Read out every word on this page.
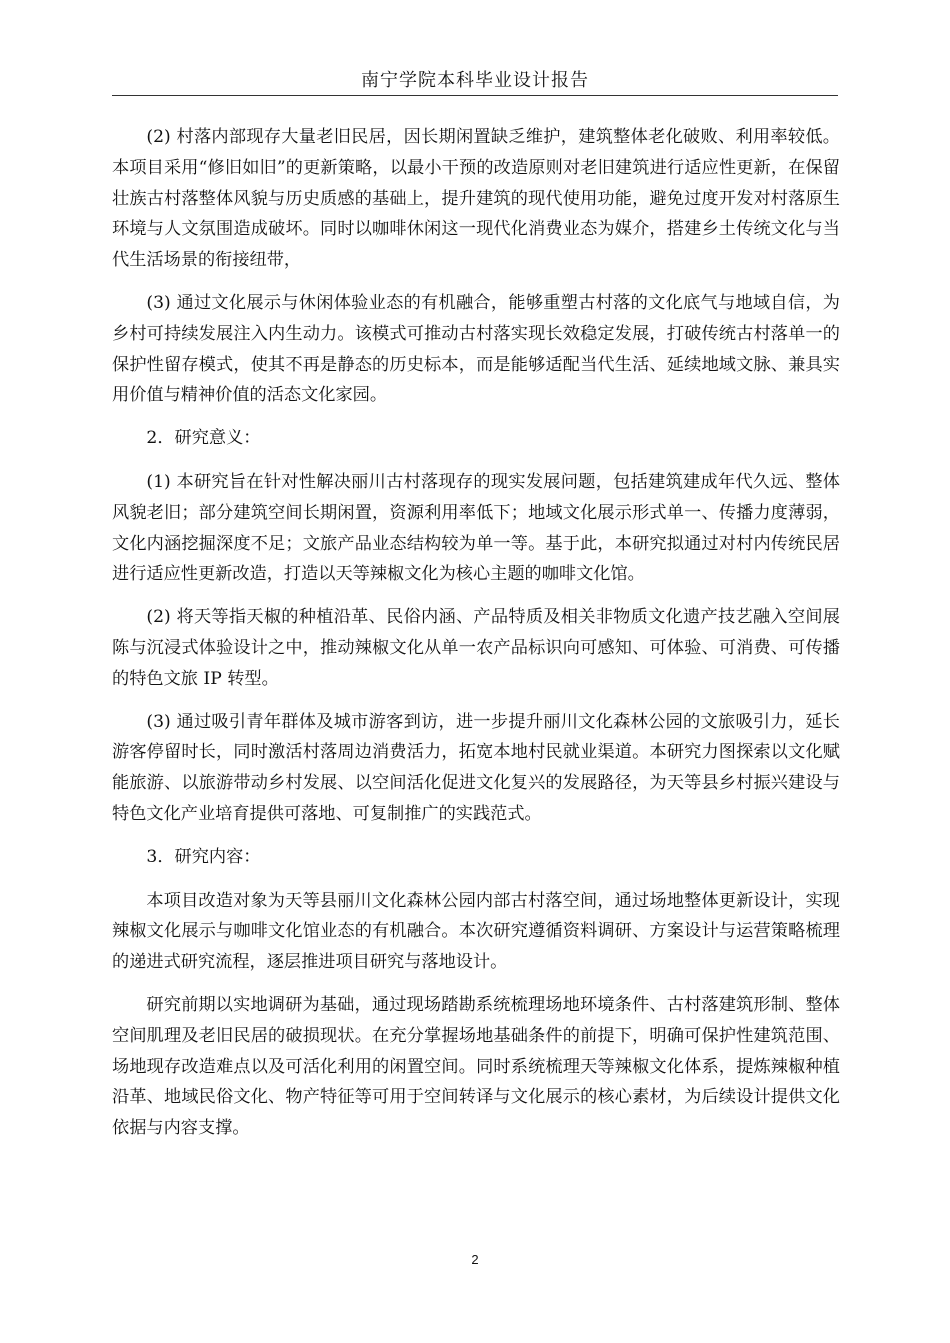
南宁学院本科毕业设计报告

(2) 村落内部现存大量老旧民居，因长期闲置缺乏维护，建筑整体老化破败、利用率较低。本项目采用“修旧如旧”的更新策略，以最小干预的改造原则对老旧建筑进行适应性更新，在保留壮族古村落整体风貌与历史质感的基础上，提升建筑的现代使用功能，避免过度开发对村落原生环境与人文氛围造成破坏。同时以咖啡休闲这一现代化消费业态为媒介，搭建乡土传统文化与当代生活场景的衔接纽带，

(3) 通过文化展示与休闲体验业态的有机融合，能够重塑古村落的文化底气与地域自信，为乡村可持续发展注入内生动力。该模式可推动古村落实现长效稳定发展，打破传统古村落单一的保护性留存模式，使其不再是静态的历史标本，而是能够适配当代生活、延续地域文脉、兼具实用价值与精神价值的活态文化家园。

2．研究意义：

(1) 本研究旨在针对性解决丽川古村落现存的现实发展问题，包括建筑建成年代久远、整体风貌老旧；部分建筑空间长期闲置，资源利用率低下；地域文化展示形式单一、传播力度薄弱，文化内涵挖掘深度不足；文旅产品业态结构较为单一等。基于此，本研究拟通过对村内传统民居进行适应性更新改造，打造以天等辣椒文化为核心主题的咖啡文化馆。

(2) 将天等指天椒的种植沿革、民俗内涵、产品特质及相关非物质文化遗产技艺融入空间展陈与沉浸式体验设计之中，推动辣椒文化从单一农产品标识向可感知、可体验、可消费、可传播的特色文旅 IP 转型。

(3) 通过吸引青年群体及城市游客到访，进一步提升丽川文化森林公园的文旅吸引力，延长游客停留时长，同时激活村落周边消费活力，拓宽本地村民就业渠道。本研究力图探索以文化赋能旅游、以旅游带动乡村发展、以空间活化促进文化复兴的发展路径，为天等县乡村振兴建设与特色文化产业培育提供可落地、可复制推广的实践范式。

3．研究内容：

本项目改造对象为天等县丽川文化森林公园内部古村落空间，通过场地整体更新设计，实现辣椒文化展示与咖啡文化馆业态的有机融合。本次研究遵循资料调研、方案设计与运营策略梳理的递进式研究流程，逐层推进项目研究与落地设计。

研究前期以实地调研为基础，通过现场踏勘系统梳理场地环境条件、古村落建筑形制、整体空间肌理及老旧民居的破损现状。在充分掌握场地基础条件的前提下，明确可保护性建筑范围、场地现存改造难点以及可活化利用的闲置空间。同时系统梳理天等辣椒文化体系，提炼辣椒种植沿革、地域民俗文化、物产特征等可用于空间转译与文化展示的核心素材，为后续设计提供文化依据与内容支撑。

2
